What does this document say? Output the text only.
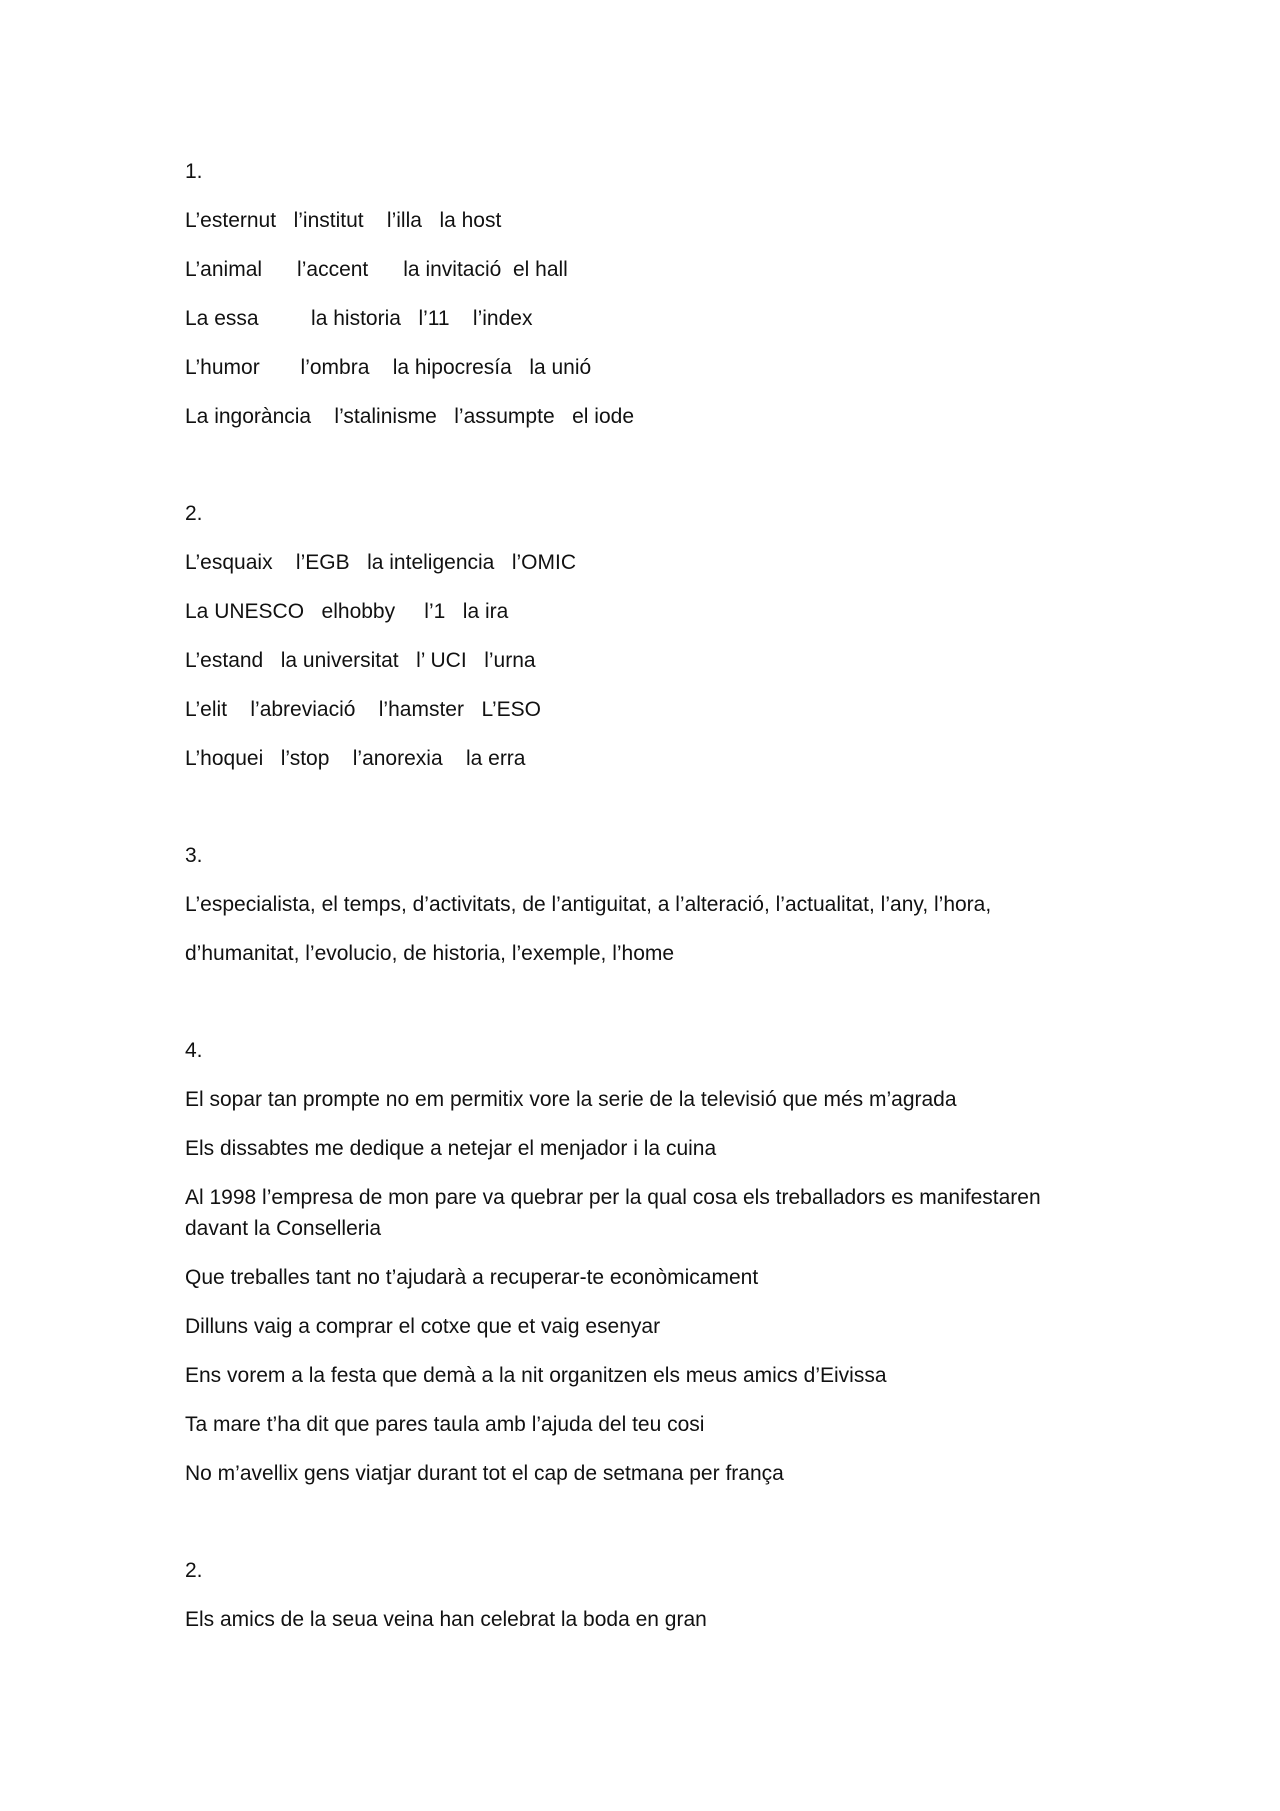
1.

L’esternut   l’institut    l’illa   la host

L’animal      l’accent      la invitació  el hall

La essa         la historia   l’11    l’index

L’humor       l’ombra    la hipocresía   la unió

La ingorància    l’stalinisme   l’assumpte   el iode

2.

L’esquaix    l’EGB   la inteligencia   l’OMIC

La UNESCO   elhobby     l’1   la ira

L’estand   la universitat   l’ UCI   l’urna

L’elit    l’abreviació    l’hamster   L’ESO

L’hoquei   l’stop    l’anorexia    la erra

3.

L’especialista, el temps, d’activitats, de l’antiguitat, a l’alteració, l’actualitat, l’any, l’hora,

d’humanitat, l’evolucio, de historia, l’exemple, l’home

4.

El sopar tan prompte no em permitix vore la serie de la televisió que més m’agrada

Els dissabtes me dedique a netejar el menjador i la cuina

Al 1998 l’empresa de mon pare va quebrar per la qual cosa els treballadors es manifestaren davant la Conselleria

Que treballes tant no t’ajudarà a recuperar-te econòmicament

Dilluns vaig a comprar el cotxe que et vaig esenyar

Ens vorem a la festa que demà a la nit organitzen els meus amics d’Eivissa

Ta mare t’ha dit que pares taula amb l’ajuda del teu cosi

No m’avellix gens viatjar durant tot el cap de setmana per frança

2.

Els amics de la seua veina han celebrat la boda en gran
